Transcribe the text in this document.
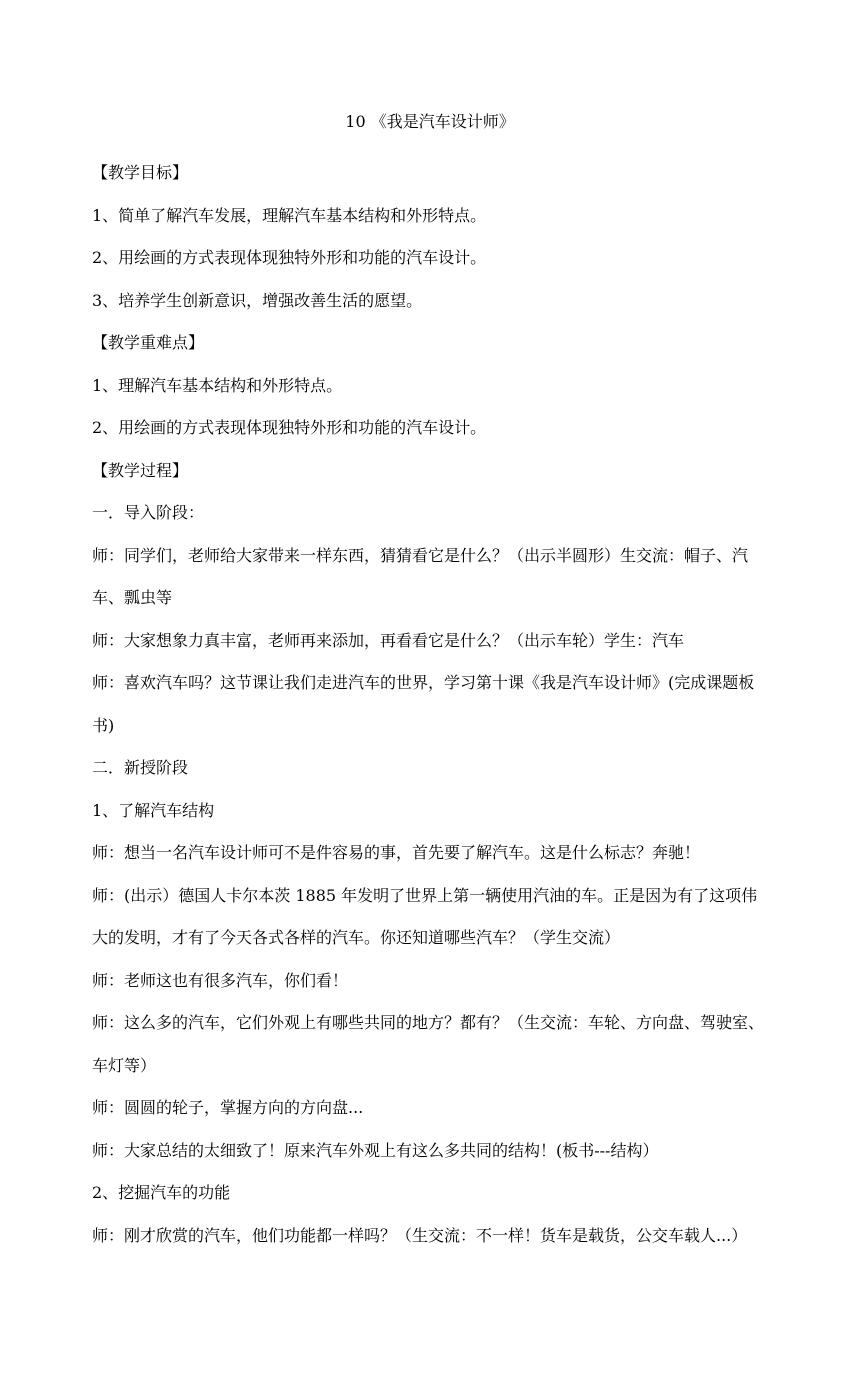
10 《我是汽车设计师》

【教学目标】

1、简单了解汽车发展，理解汽车基本结构和外形特点。

2、用绘画的方式表现体现独特外形和功能的汽车设计。

3、培养学生创新意识，增强改善生活的愿望。

【教学重难点】

1、理解汽车基本结构和外形特点。

2、用绘画的方式表现体现独特外形和功能的汽车设计。

【教学过程】

一．导入阶段：

师：同学们，老师给大家带来一样东西，猜猜看它是什么？（出示半圆形）生交流：帽子、汽车、瓢虫等

师：大家想象力真丰富，老师再来添加，再看看它是什么？（出示车轮）学生：汽车

师：喜欢汽车吗？这节课让我们走进汽车的世界，学习第十课《我是汽车设计师》(完成课题板书)

二．新授阶段

1、了解汽车结构

师：想当一名汽车设计师可不是件容易的事，首先要了解汽车。这是什么标志？奔驰！

师：(出示）德国人卡尔本茨 1885 年发明了世界上第一辆使用汽油的车。正是因为有了这项伟大的发明，才有了今天各式各样的汽车。你还知道哪些汽车？（学生交流）

师：老师这也有很多汽车，你们看！

师：这么多的汽车，它们外观上有哪些共同的地方？都有？（生交流：车轮、方向盘、驾驶室、车灯等）

师：圆圆的轮子，掌握方向的方向盘...

师：大家总结的太细致了！原来汽车外观上有这么多共同的结构！(板书---结构）

2、挖掘汽车的功能

师：刚才欣赏的汽车，他们功能都一样吗？（生交流：不一样！货车是载货，公交车载人...）
